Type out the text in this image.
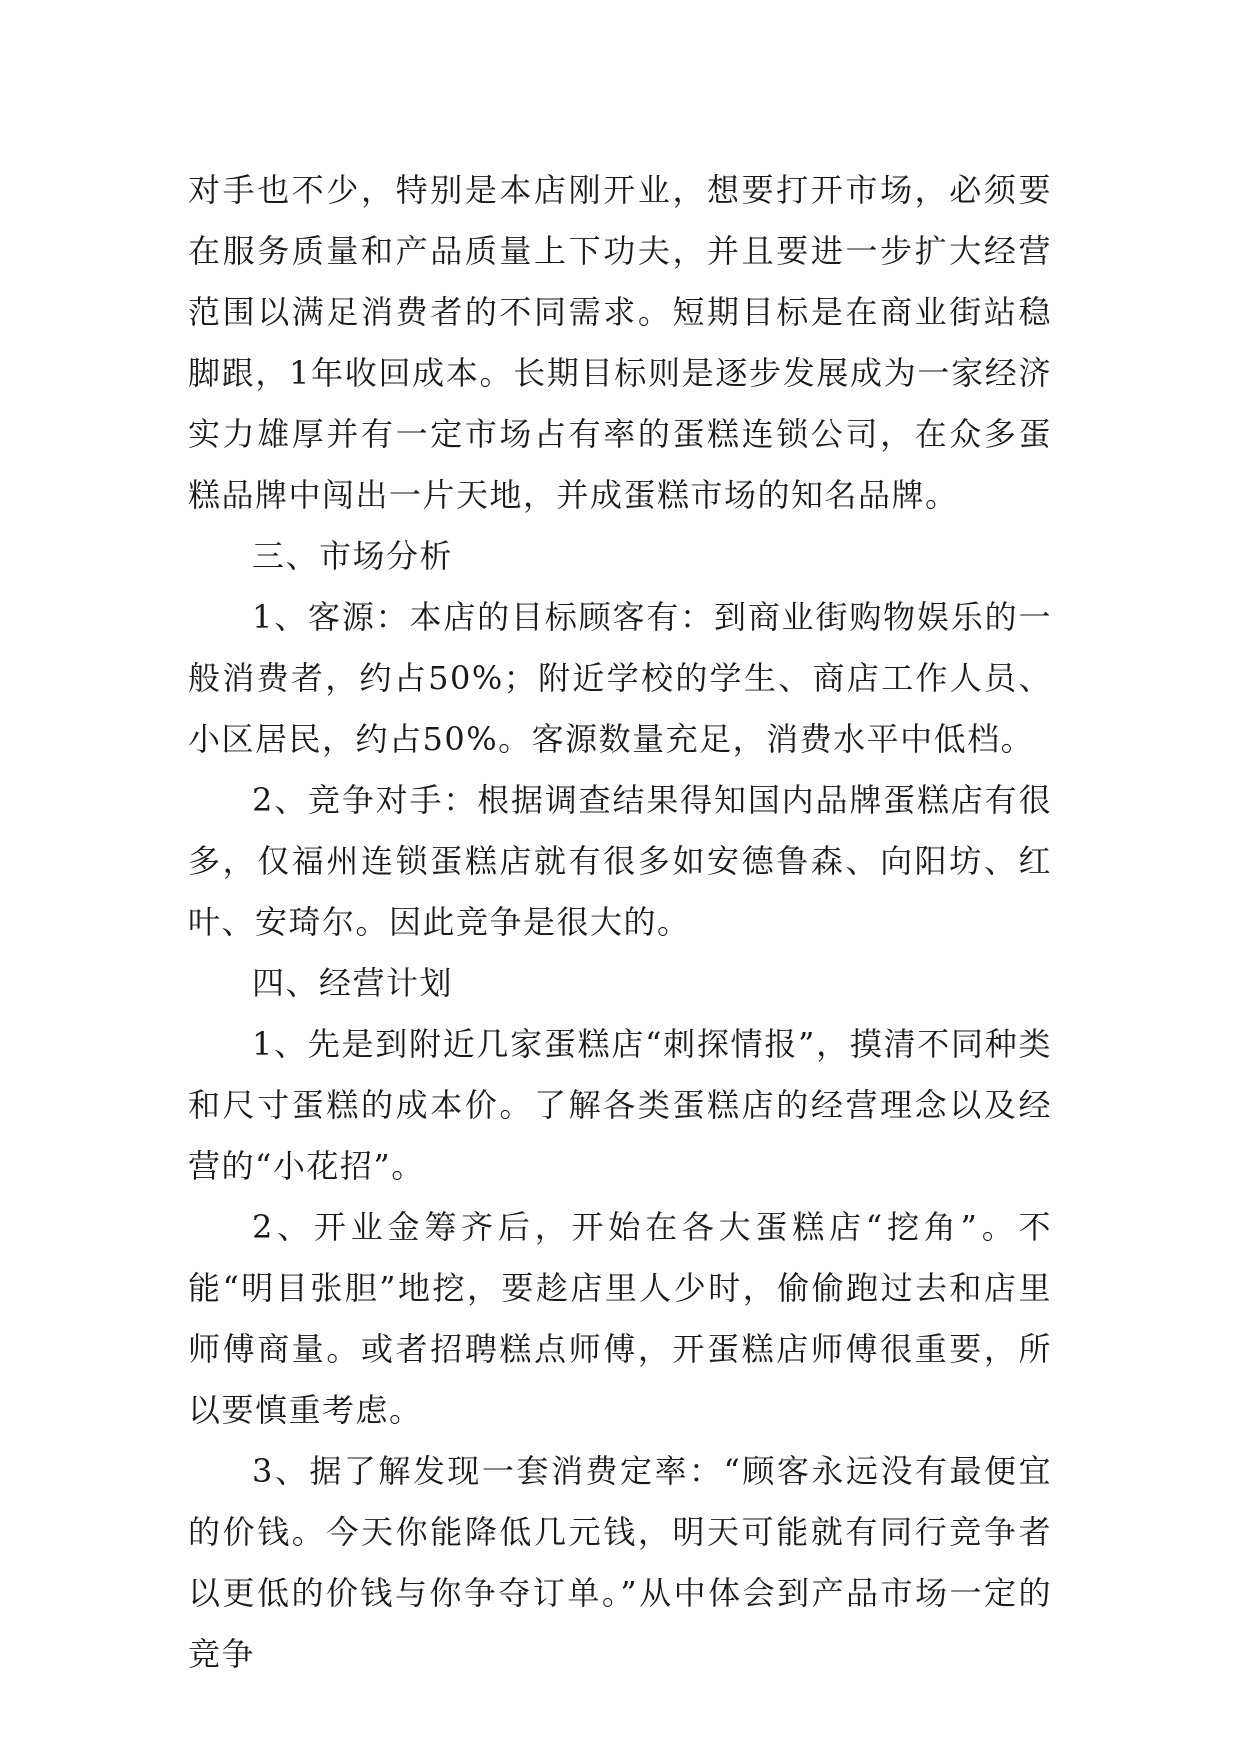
对手也不少，特别是本店刚开业，想要打开市场，必须要在服务质量和产品质量上下功夫，并且要进一步扩大经营范围以满足消费者的不同需求。短期目标是在商业街站稳脚跟，1年收回成本。长期目标则是逐步发展成为一家经济实力雄厚并有一定市场占有率的蛋糕连锁公司，在众多蛋糕品牌中闯出一片天地，并成蛋糕市场的知名品牌。

三、市场分析

1、客源：本店的目标顾客有：到商业街购物娱乐的一般消费者，约占50%；附近学校的学生、商店工作人员、小区居民，约占50%。客源数量充足，消费水平中低档。

2、竞争对手：根据调查结果得知国内品牌蛋糕店有很多，仅福州连锁蛋糕店就有很多如安德鲁森、向阳坊、红叶、安琦尔。因此竞争是很大的。

四、经营计划

1、先是到附近几家蛋糕店“刺探情报”，摸清不同种类和尺寸蛋糕的成本价。了解各类蛋糕店的经营理念以及经营的“小花招”。

2、开业金筹齐后，开始在各大蛋糕店“挖角”。不能“明目张胆”地挖，要趁店里人少时，偷偷跑过去和店里师傅商量。或者招聘糕点师傅，开蛋糕店师傅很重要，所以要慎重考虑。

3、据了解发现一套消费定率：“顾客永远没有最便宜的价钱。今天你能降低几元钱，明天可能就有同行竞争者以更低的价钱与你争夺订单。”从中体会到产品市场一定的竞争
